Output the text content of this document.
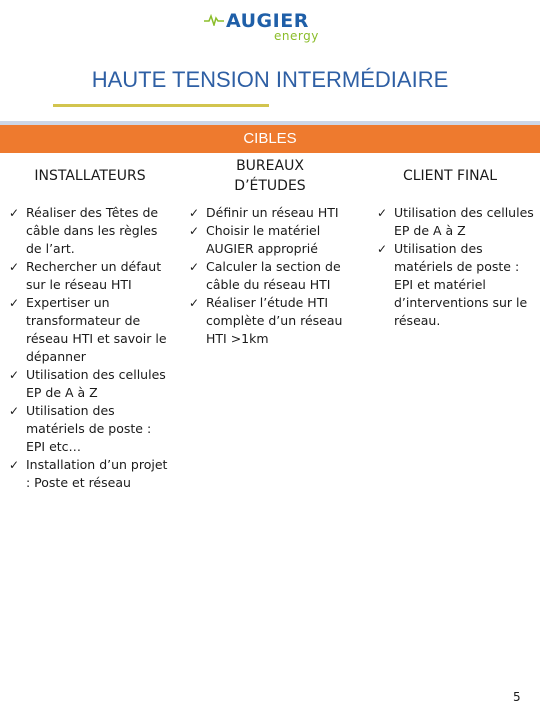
AUGIER
energy
HAUTE TENSION INTERMÉDIAIRE
CIBLES
INSTALLATEURS
BUREAUX
D’ÉTUDES
CLIENT FINAL
✓ Réaliser des Têtes de câble dans les règles de l’art.
✓ Rechercher un défaut sur le réseau HTI
✓ Expertiser un transformateur de réseau HTI et savoir le dépanner
✓ Utilisation des cellules EP de A à Z
✓ Utilisation des matériels de poste : EPI etc…
✓ Installation d’un projet : Poste et réseau
✓ Définir un réseau HTI
✓ Choisir le matériel AUGIER approprié
✓ Calculer la section de câble du réseau HTI
✓ Réaliser l’étude HTI complète d’un réseau HTI >1km
✓ Utilisation des cellules EP de A à Z
✓ Utilisation des matériels de poste : EPI et matériel d’interventions sur le réseau.
5
